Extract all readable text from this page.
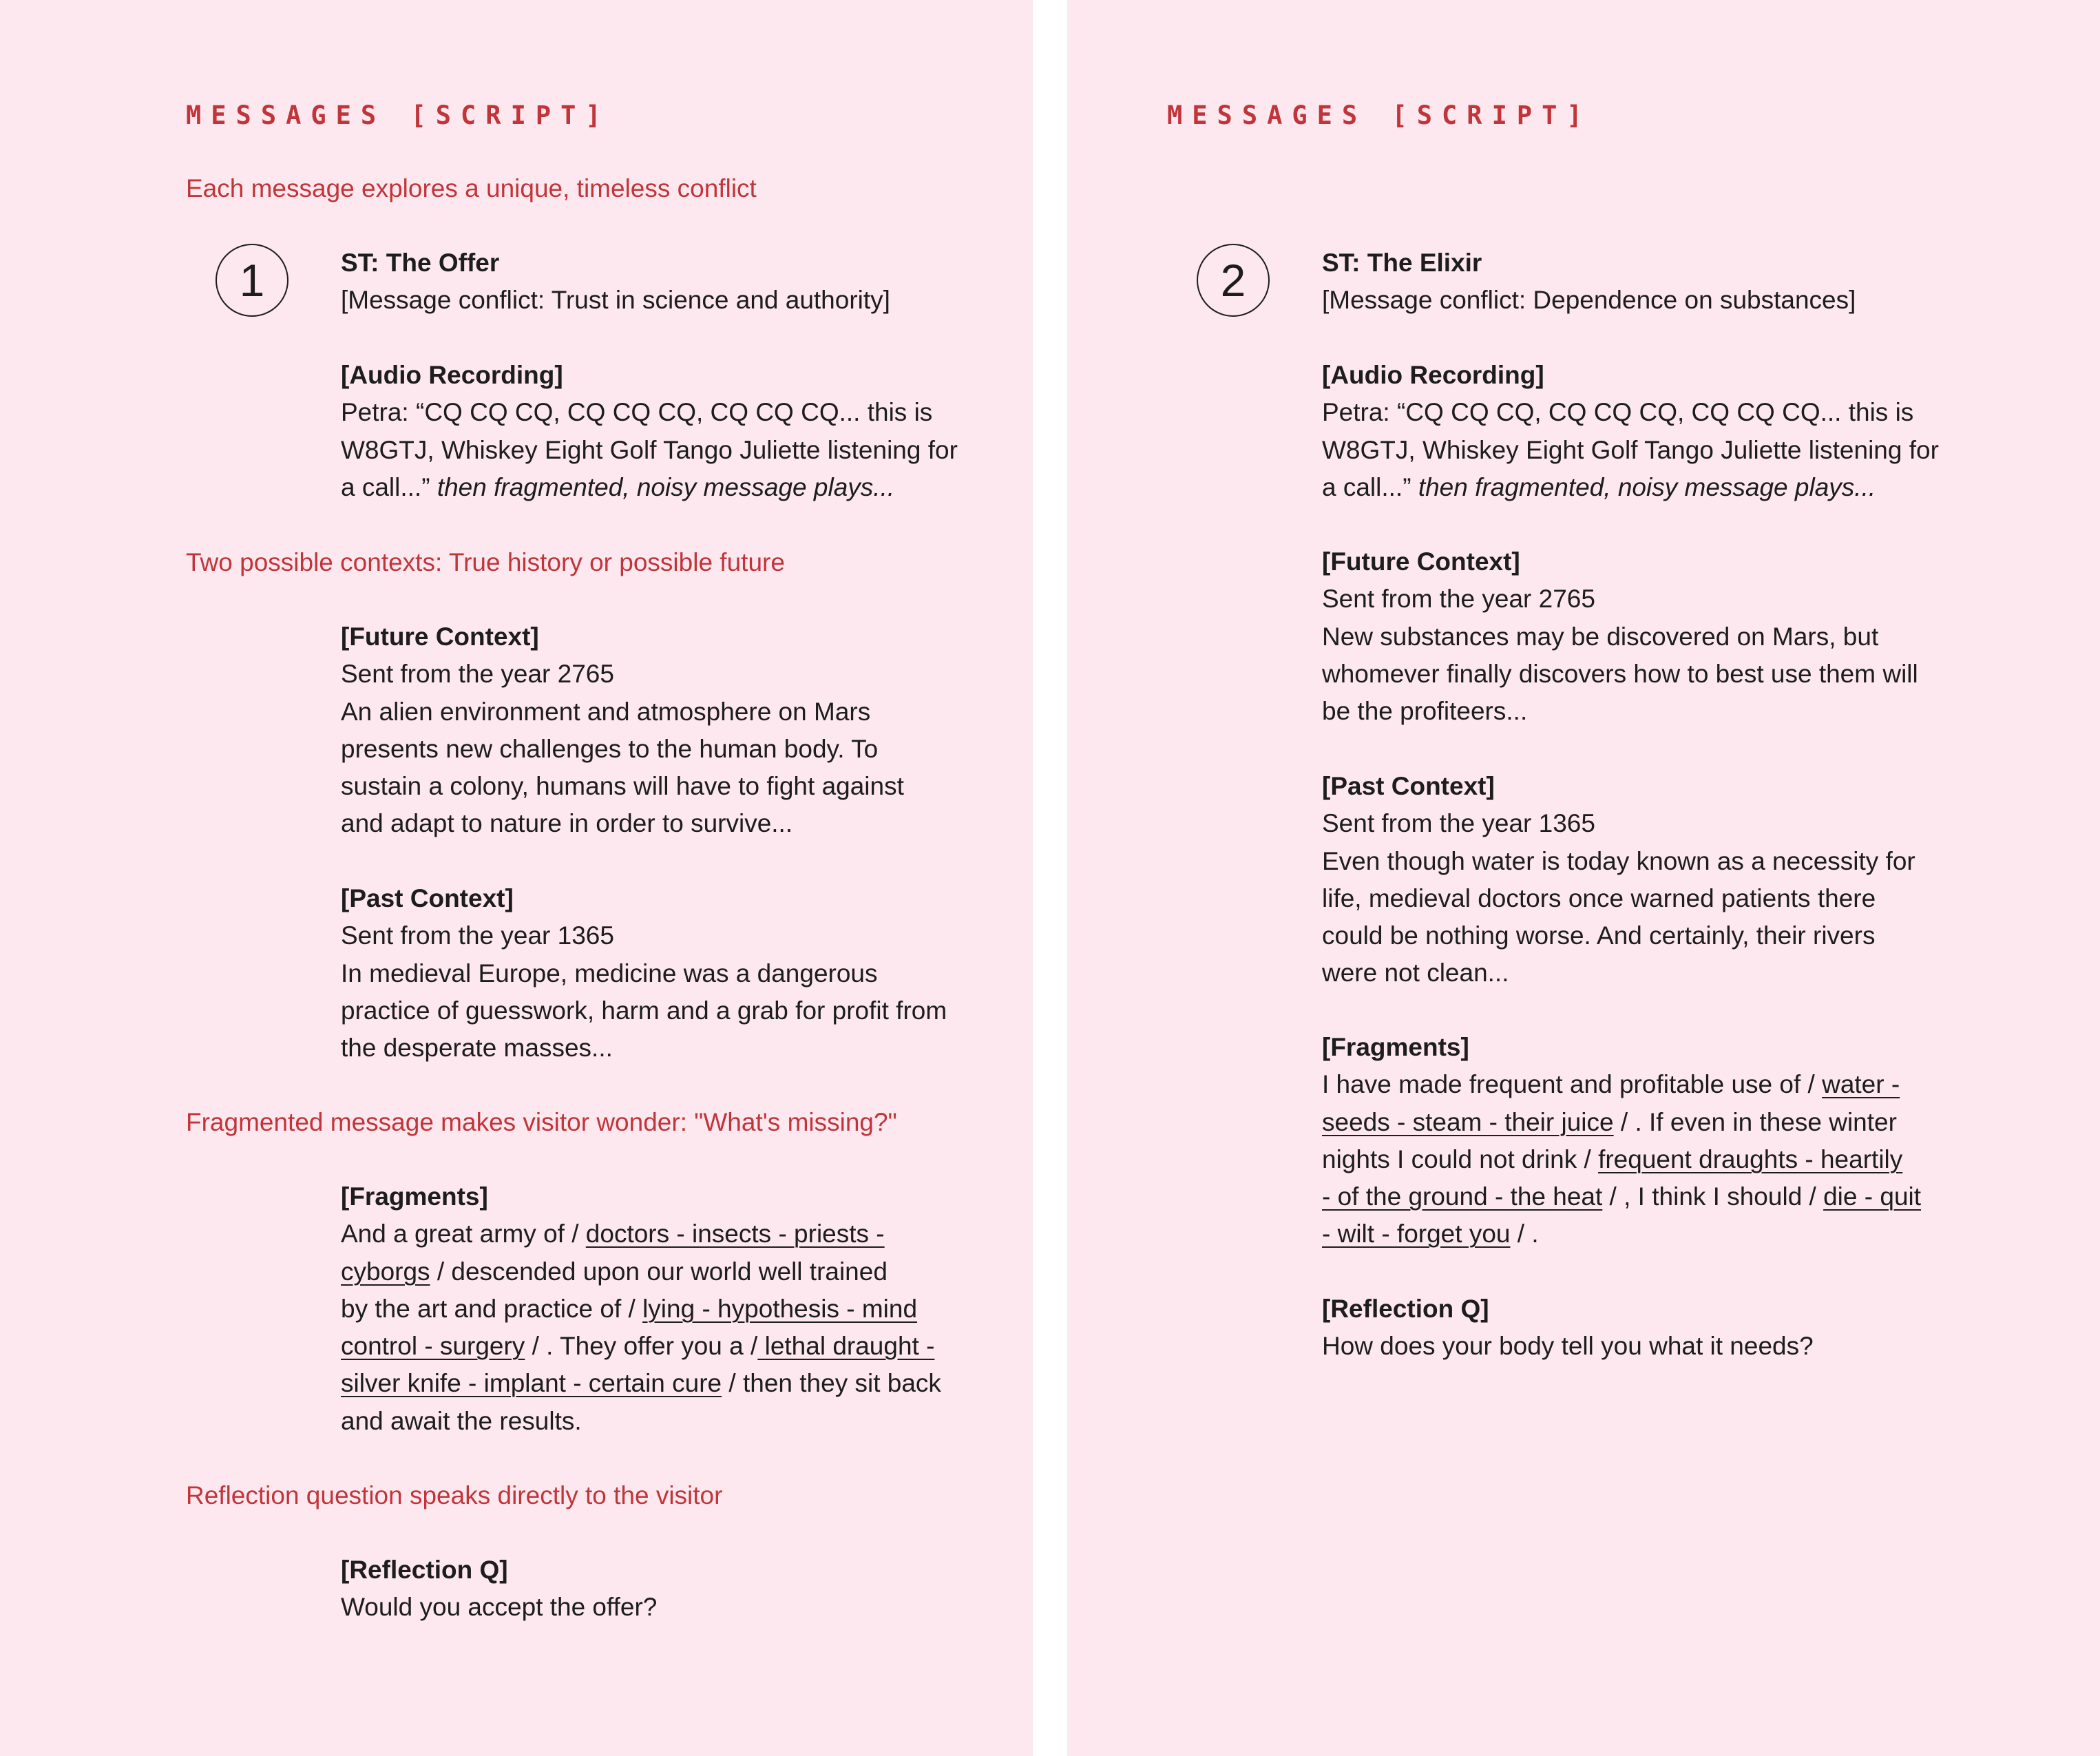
MESSAGES [SCRIPT]
Each message explores a unique, timeless conflict
1	ST: The Offer
[Message conflict: Trust in science and authority]
[Audio Recording]
Petra: “CQ CQ CQ, CQ CQ CQ, CQ CQ CQ... this is
W8GTJ, Whiskey Eight Golf Tango Juliette listening for
a call...” then fragmented, noisy message plays...
Two possible contexts: True history or possible future
[Future Context]
Sent from the year 2765
An alien environment and atmosphere on Mars
presents new challenges to the human body. To
sustain a colony, humans will have to fight against
and adapt to nature in order to survive...
[Past Context]
Sent from the year 1365
In medieval Europe, medicine was a dangerous
practice of guesswork, harm and a grab for profit from
the desperate masses...
Fragmented message makes visitor wonder: "What's missing?"
[Fragments]
And a great army of / doctors - insects - priests -
cyborgs / descended upon our world well trained
by the art and practice of / lying - hypothesis - mind
control - surgery / . They offer you a / lethal draught -
silver knife - implant - certain cure / then they sit back
and await the results.
Reflection question speaks directly to the visitor
[Reflection Q]
Would you accept the offer?
MESSAGES [SCRIPT]
2	ST: The Elixir
[Message conflict: Dependence on substances]
[Audio Recording]
Petra: “CQ CQ CQ, CQ CQ CQ, CQ CQ CQ... this is
W8GTJ, Whiskey Eight Golf Tango Juliette listening for
a call...” then fragmented, noisy message plays...
[Future Context]
Sent from the year 2765
New substances may be discovered on Mars, but
whomever finally discovers how to best use them will
be the profiteers...
[Past Context]
Sent from the year 1365
Even though water is today known as a necessity for
life, medieval doctors once warned patients there
could be nothing worse. And certainly, their rivers
were not clean...
[Fragments]
I have made frequent and profitable use of / water -
seeds - steam - their juice / . If even in these winter
nights I could not drink / frequent draughts - heartily
- of the ground - the heat / , I think I should / die - quit
- wilt - forget you / .
[Reflection Q]
How does your body tell you what it needs?
